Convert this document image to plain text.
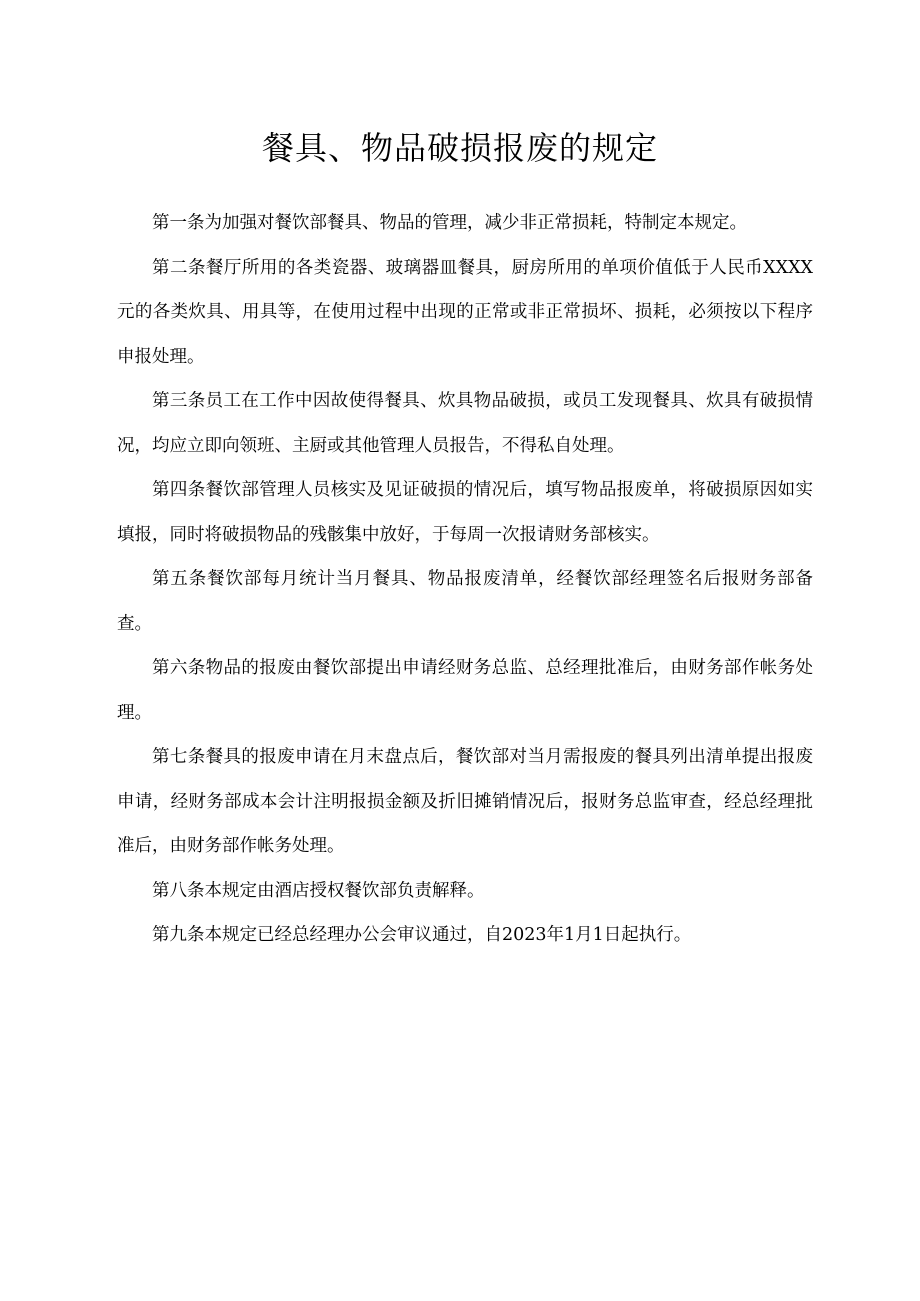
餐具、物品破损报废的规定

第一条为加强对餐饮部餐具、物品的管理，减少非正常损耗，特制定本规定。

第二条餐厅所用的各类瓷器、玻璃器皿餐具，厨房所用的单项价值低于人民币XXXX元的各类炊具、用具等，在使用过程中出现的正常或非正常损坏、损耗，必须按以下程序申报处理。

第三条员工在工作中因故使得餐具、炊具物品破损，或员工发现餐具、炊具有破损情况，均应立即向领班、主厨或其他管理人员报告，不得私自处理。

第四条餐饮部管理人员核实及见证破损的情况后，填写物品报废单，将破损原因如实填报，同时将破损物品的残骸集中放好，于每周一次报请财务部核实。

第五条餐饮部每月统计当月餐具、物品报废清单，经餐饮部经理签名后报财务部备查。

第六条物品的报废由餐饮部提出申请经财务总监、总经理批准后，由财务部作帐务处理。

第七条餐具的报废申请在月末盘点后，餐饮部对当月需报废的餐具列出清单提出报废申请，经财务部成本会计注明报损金额及折旧摊销情况后，报财务总监审查，经总经理批准后，由财务部作帐务处理。

第八条本规定由酒店授权餐饮部负责解释。

第九条本规定已经总经理办公会审议通过，自2023年1月1日起执行。
